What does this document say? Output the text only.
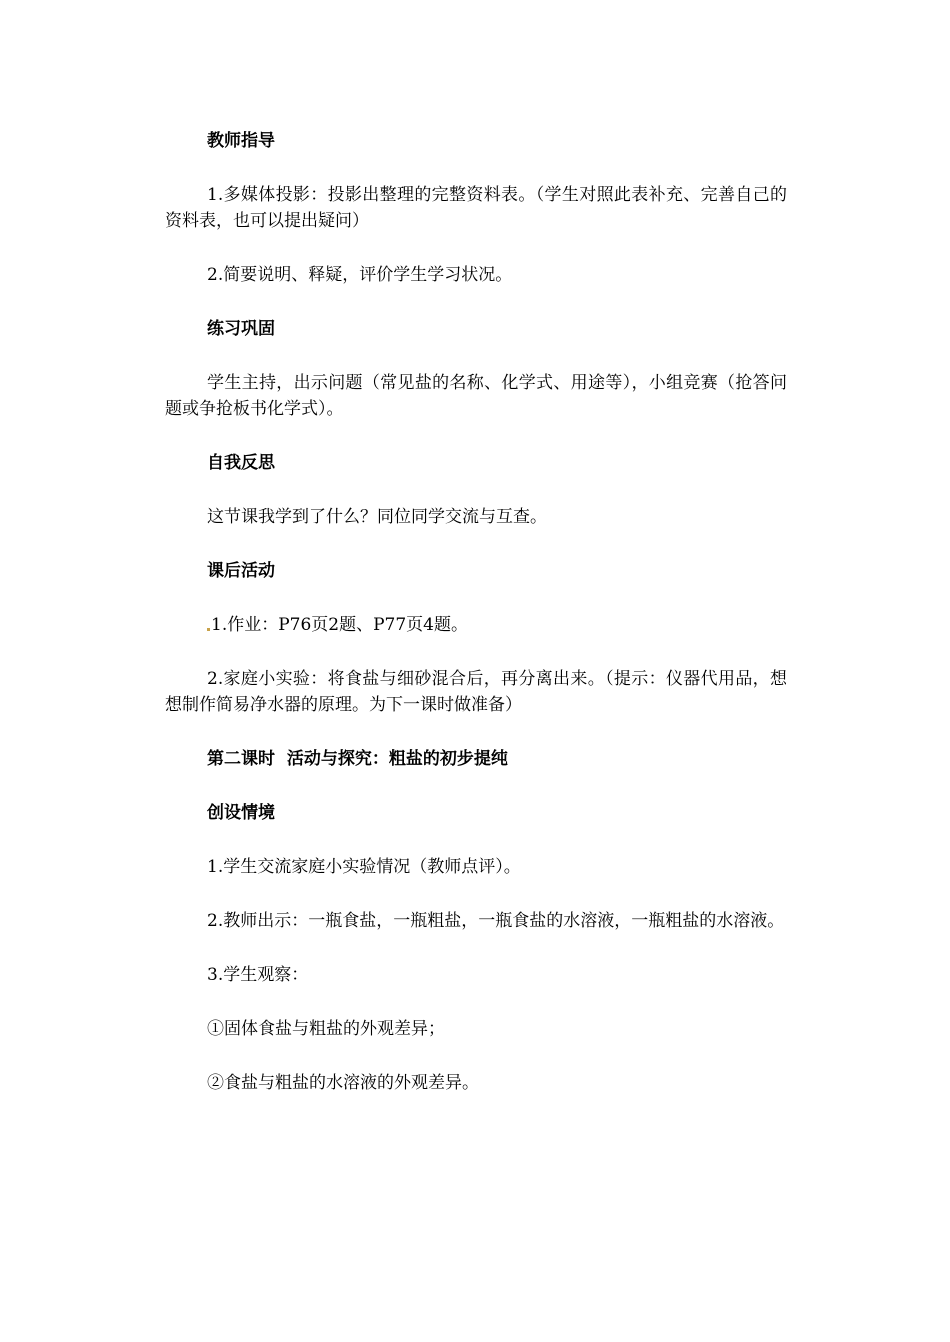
教师指导

1.多媒体投影：投影出整理的完整资料表。（学生对照此表补充、完善自己的资料表，也可以提出疑问）

2.简要说明、释疑，评价学生学习状况。

练习巩固

学生主持，出示问题（常见盐的名称、化学式、用途等），小组竞赛（抢答问题或争抢板书化学式）。

自我反思

这节课我学到了什么？同位同学交流与互查。

课后活动

1.作业：P76页2题、P77页4题。

2.家庭小实验：将食盐与细砂混合后，再分离出来。（提示：仪器代用品，想想制作简易净水器的原理。为下一课时做准备）

第二课时  活动与探究：粗盐的初步提纯
创设情境

1.学生交流家庭小实验情况（教师点评）。

2.教师出示：一瓶食盐，一瓶粗盐，一瓶食盐的水溶液，一瓶粗盐的水溶液。

3.学生观察：

①固体食盐与粗盐的外观差异；

②食盐与粗盐的水溶液的外观差异。
